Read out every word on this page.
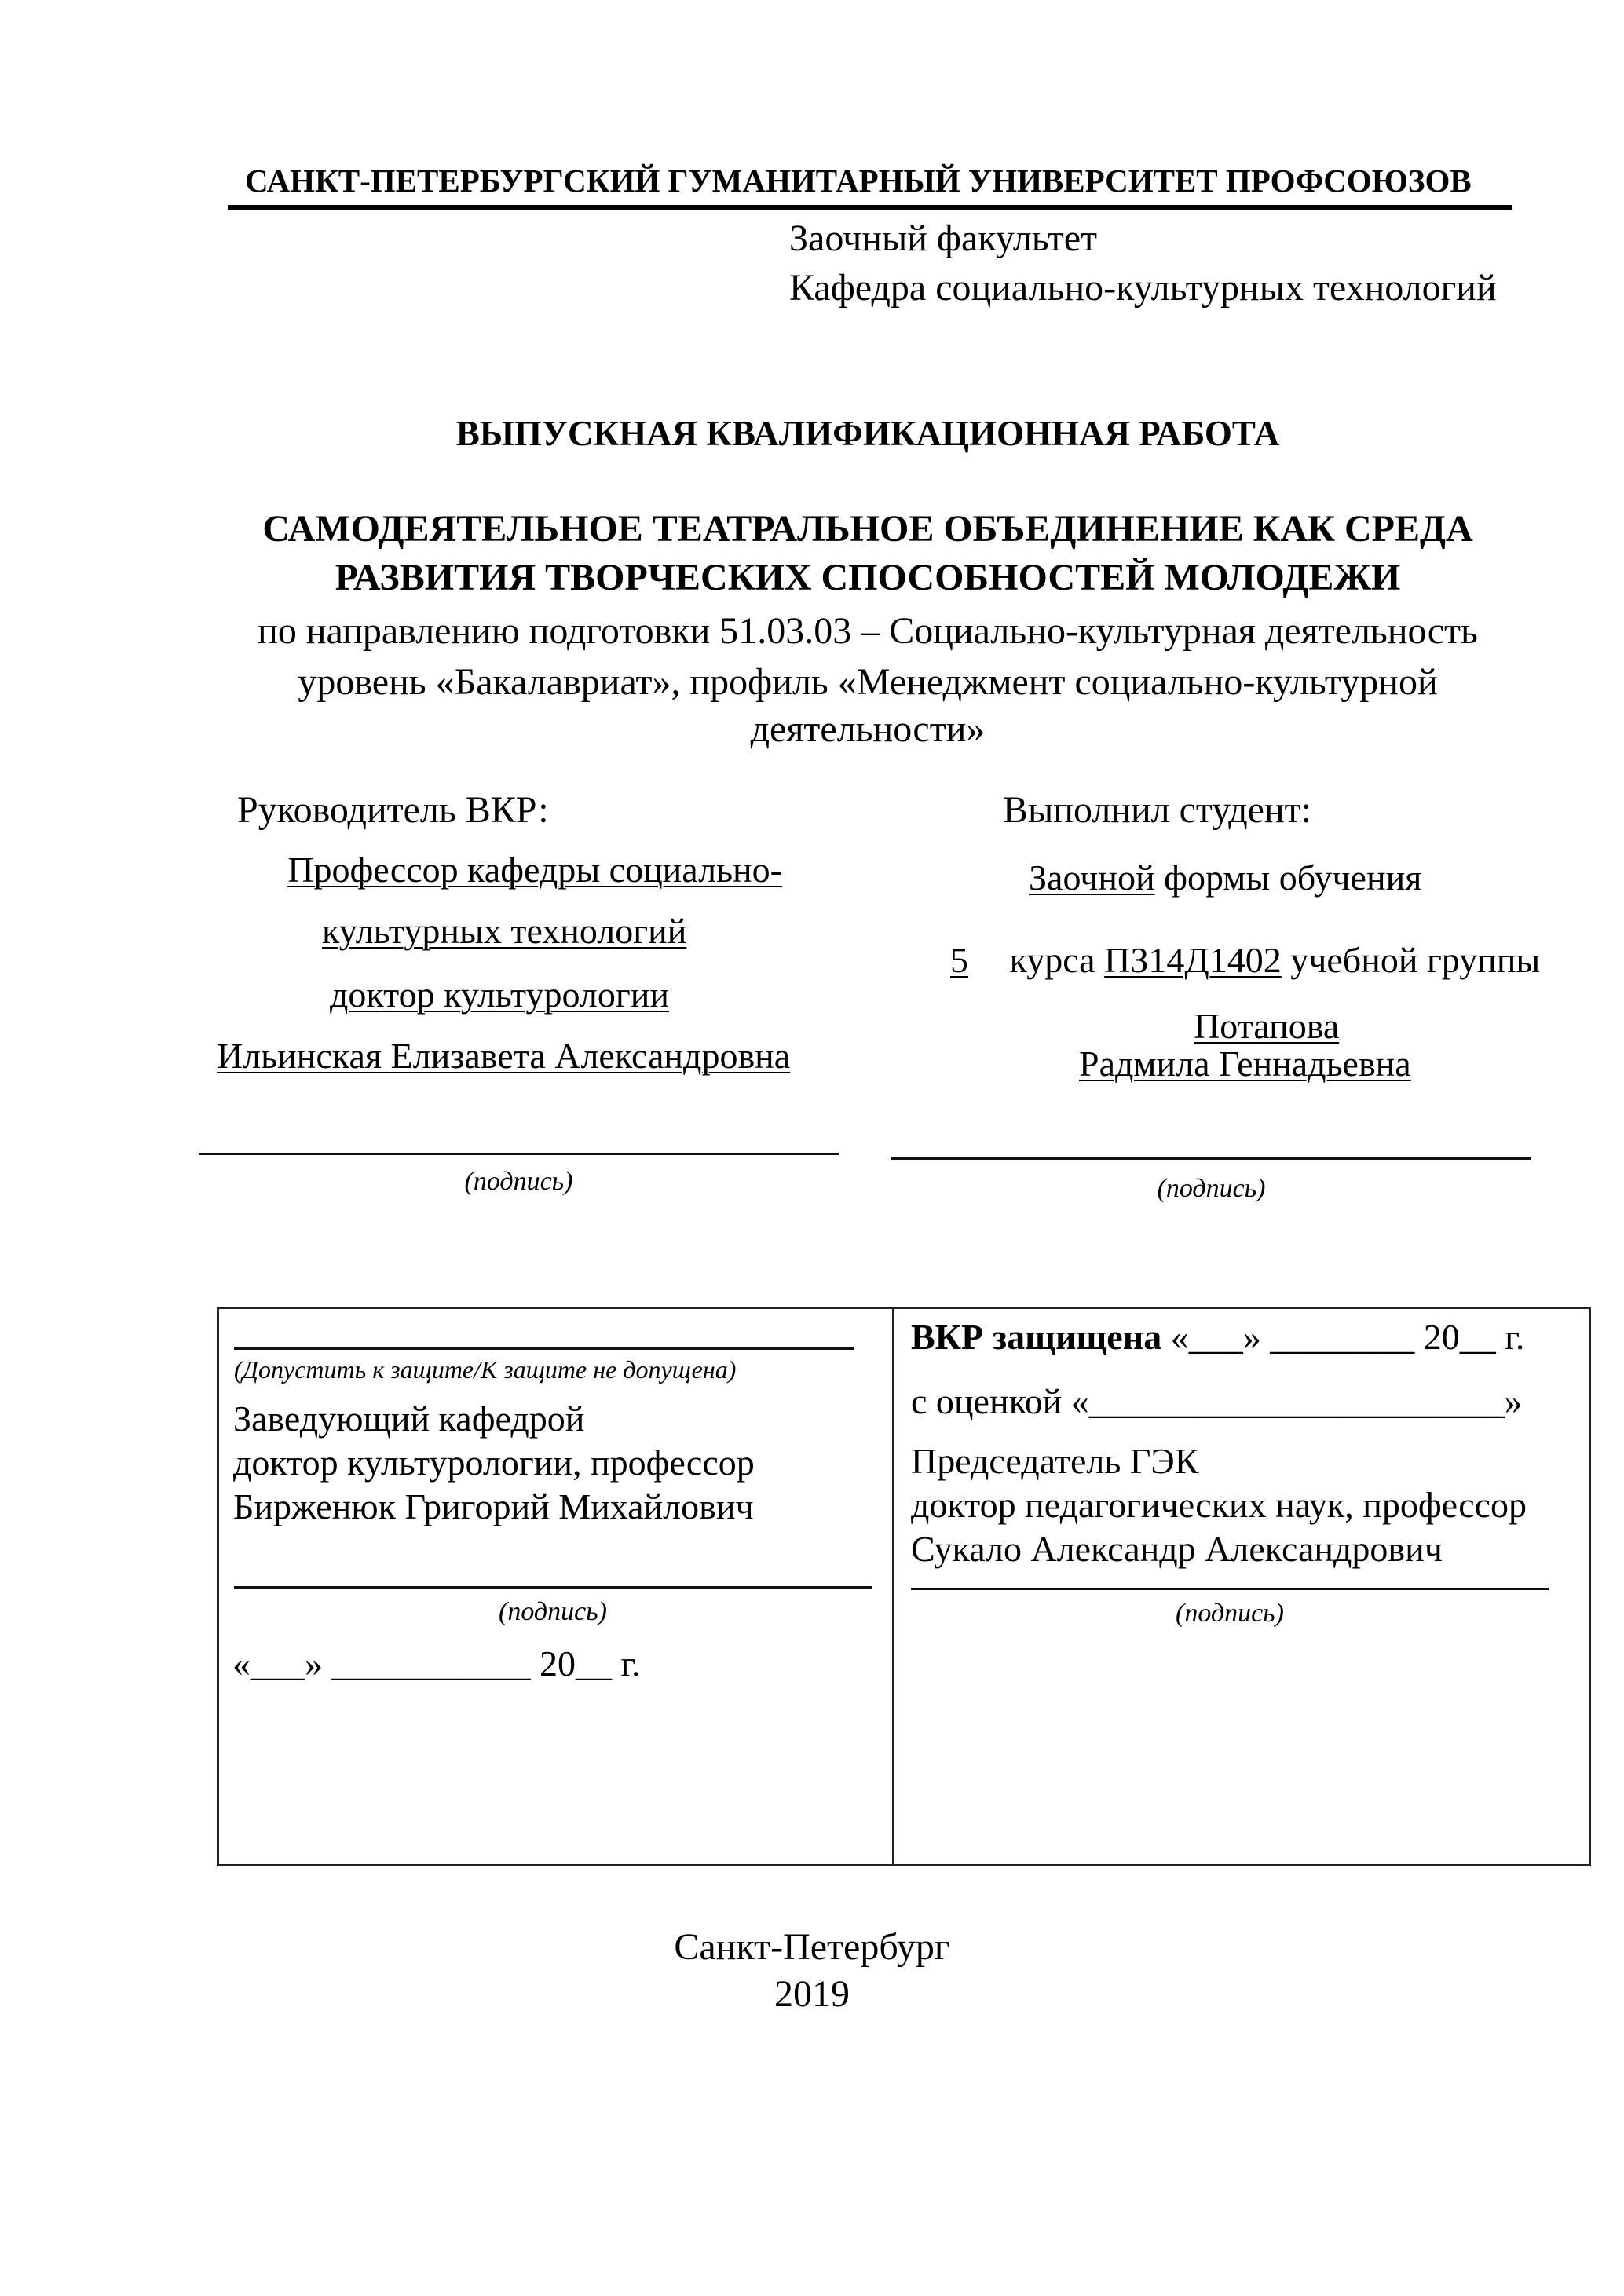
САНКТ-ПЕТЕРБУРГСКИЙ ГУМАНИТАРНЫЙ УНИВЕРСИТЕТ ПРОФСОЮЗОВ
Заочный факультет
Кафедра социально-культурных технологий
ВЫПУСКНАЯ КВАЛИФИКАЦИОННАЯ РАБОТА
САМОДЕЯТЕЛЬНОЕ ТЕАТРАЛЬНОЕ ОБЪЕДИНЕНИЕ КАК СРЕДА
РАЗВИТИЯ ТВОРЧЕСКИХ СПОСОБНОСТЕЙ МОЛОДЕЖИ
по направлению подготовки 51.03.03 – Социально-культурная деятельность
уровень «Бакалавриат», профиль «Менеджмент социально-культурной
деятельности»
Руководитель ВКР:
Профессор кафедры социально-
культурных технологий
доктор культурологии
Ильинская Елизавета Александровна
(подпись)
Выполнил студент:
Заочной формы обучения
5 курса ПЗ14Д1402 учебной группы
Потапова
Радмила Геннадьевна
(подпись)
(Допустить к защите/К защите не допущена)
Заведующий кафедрой
доктор культурологии, профессор
Бирженюк Григорий Михайлович
(подпись)
«___» ___________ 20__ г.
ВКР защищена «___» ________ 20__ г.
с оценкой «_______________________»
Председатель ГЭК
доктор педагогических наук, профессор
Сукало Александр Александрович
(подпись)
Санкт-Петербург
2019
